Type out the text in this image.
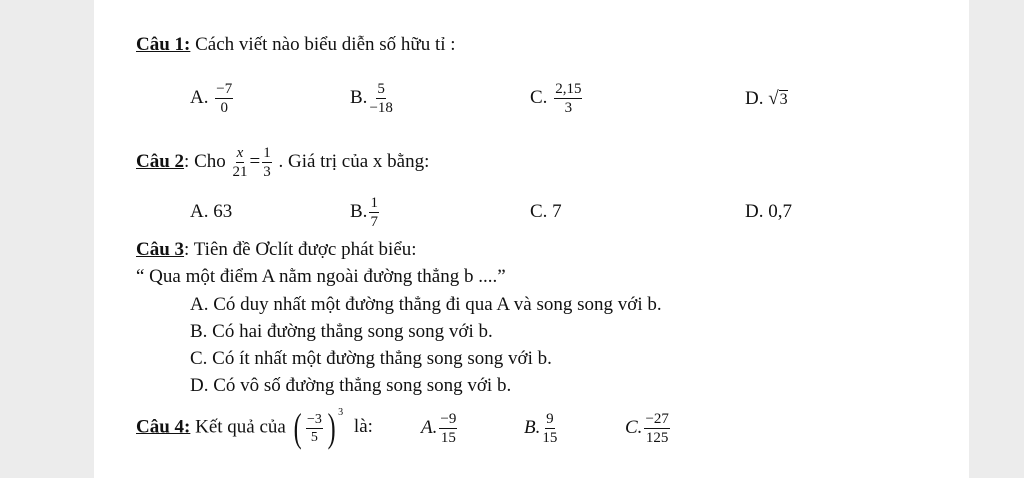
Câu 1: Cách viết nào biểu diễn số hữu tỉ :
A. $\frac{-7}{0}$	B. $\frac{5}{-18}$	C. $\frac{2,15}{3}$	D. √3
Câu 2: Cho $\frac{x}{21} = \frac{1}{3}$ . Giá trị của x bằng:
A. 63	B. $\frac{1}{7}$	C. 7	D. 0,7
Câu 3: Tiên đề Ơclít được phát biểu:
“ Qua một điểm A nằm ngoài đường thẳng b ....”
A. Có duy nhất một đường thẳng đi qua A và song song với b.
B. Có hai đường thẳng song song với b.
C. Có ít nhất một đường thẳng song song với b.
D. Có vô số đường thẳng song song với b.
Câu 4: Kết quả của ( $\frac{-3}{5}$ ) $^3$ là:	A. $\frac{-9}{15}$	B. $\frac{9}{15}$	C. $\frac{-27}{125}$
